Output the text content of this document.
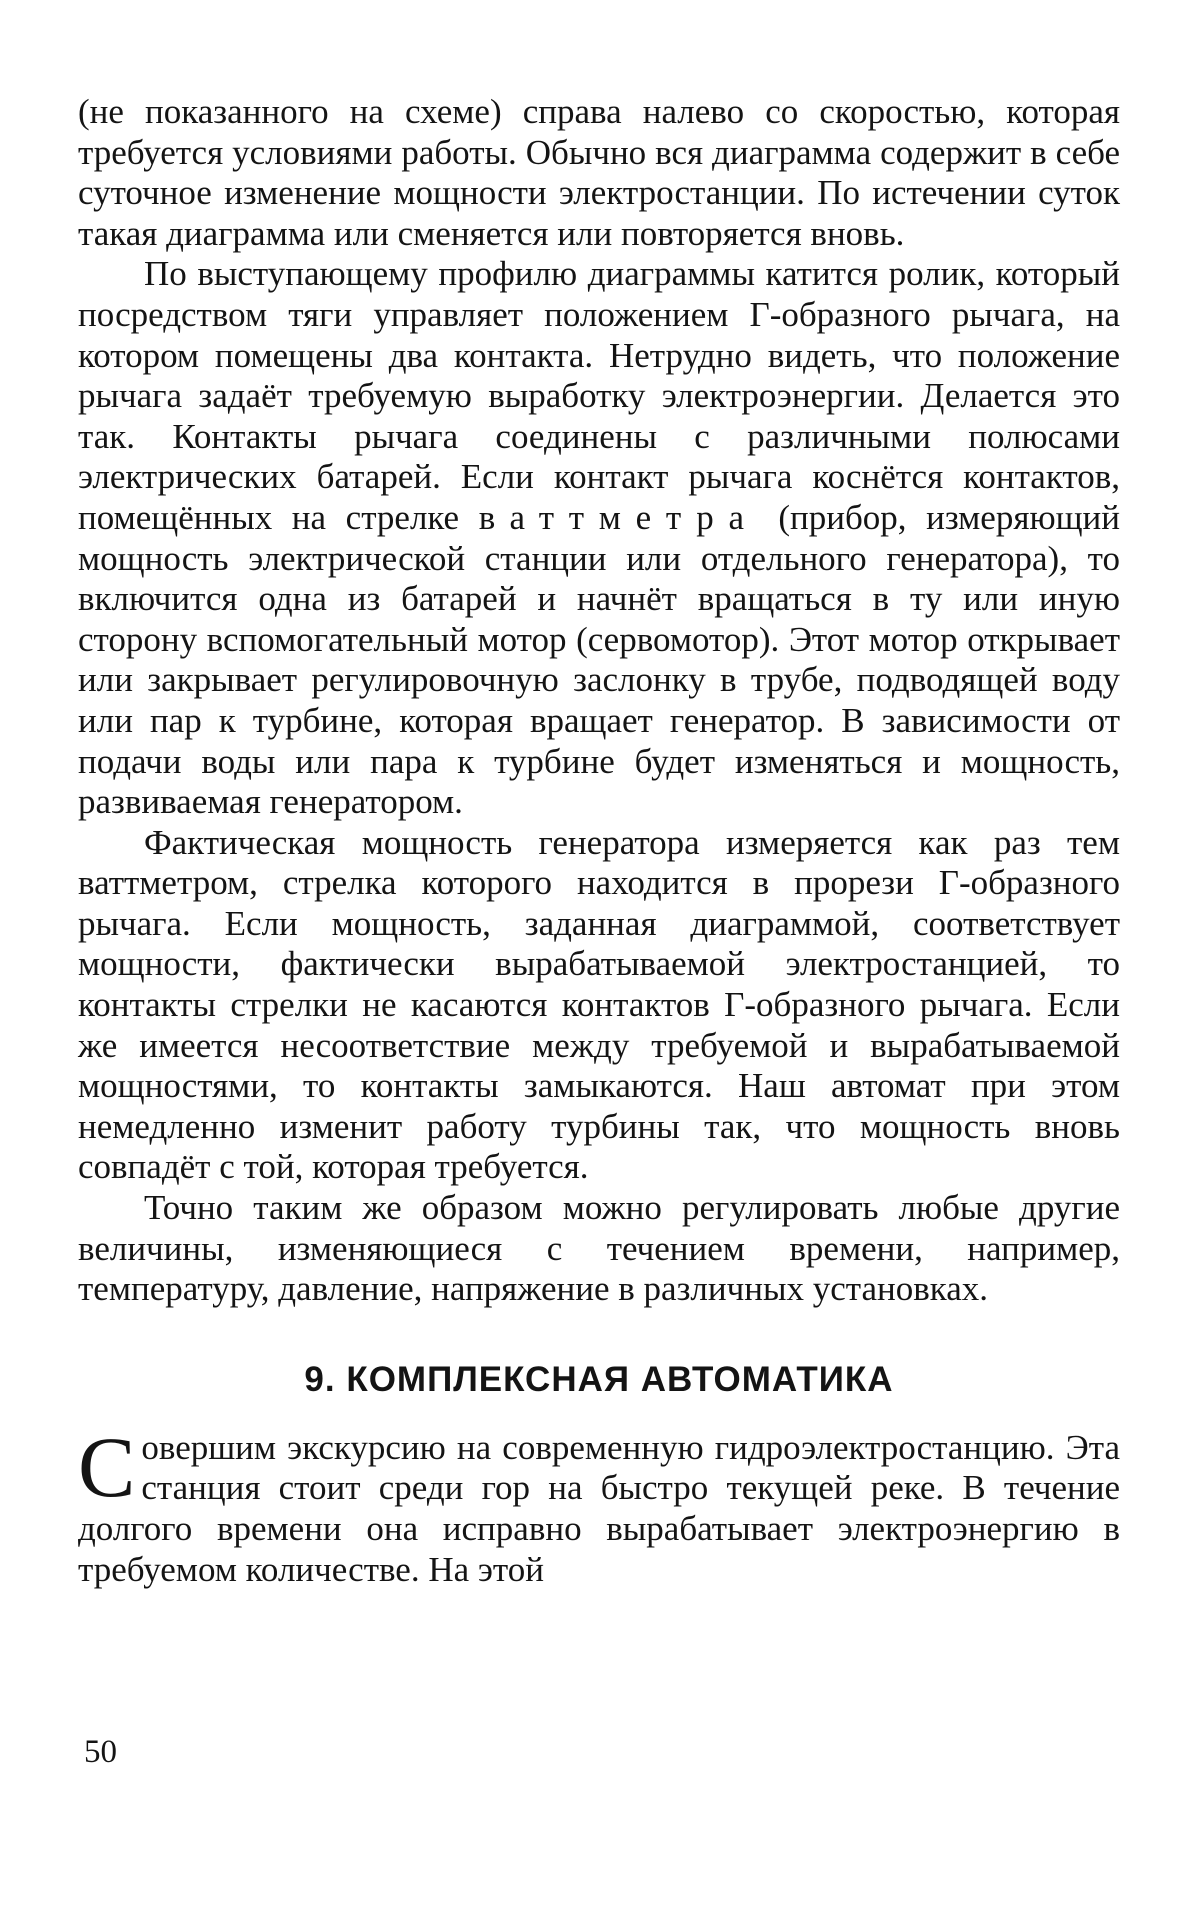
(не показанного на схеме) справа налево со скоростью, которая требуется условиями работы. Обычно вся диаграмма содержит в себе суточное изменение мощности электростанции. По истечении суток такая диаграмма или сменяется или повторяется вновь.

По выступающему профилю диаграммы катится ролик, который посредством тяги управляет положением Г-образного рычага, на котором помещены два контакта. Нетрудно видеть, что положение рычага задаёт требуемую выработку электроэнергии. Делается это так. Контакты рычага соединены с различными полюсами электрических батарей. Если контакт рычага коснётся контактов, помещённых на стрелке ваттметра (прибор, измеряющий мощность электрической станции или отдельного генератора), то включится одна из батарей и начнёт вращаться в ту или иную сторону вспомогательный мотор (сервомотор). Этот мотор открывает или закрывает регулировочную заслонку в трубе, подводящей воду или пар к турбине, которая вращает генератор. В зависимости от подачи воды или пара к турбине будет изменяться и мощность, развиваемая генератором.

Фактическая мощность генератора измеряется как раз тем ваттметром, стрелка которого находится в прорези Г-образного рычага. Если мощность, заданная диаграммой, соответствует мощности, фактически вырабатываемой электростанцией, то контакты стрелки не касаются контактов Г-образного рычага. Если же имеется несоответствие между требуемой и вырабатываемой мощностями, то контакты замыкаются. Наш автомат при этом немедленно изменит работу турбины так, что мощность вновь совпадёт с той, которая требуется.

Точно таким же образом можно регулировать любые другие величины, изменяющиеся с течением времени, например, температуру, давление, напряжение в различных установках.

9. КОМПЛЕКСНАЯ АВТОМАТИКА

Совершим экскурсию на современную гидроэлектростанцию. Эта станция стоит среди гор на быстро текущей реке. В течение долгого времени она исправно вырабатывает электроэнергию в требуемом количестве. На этой

50
